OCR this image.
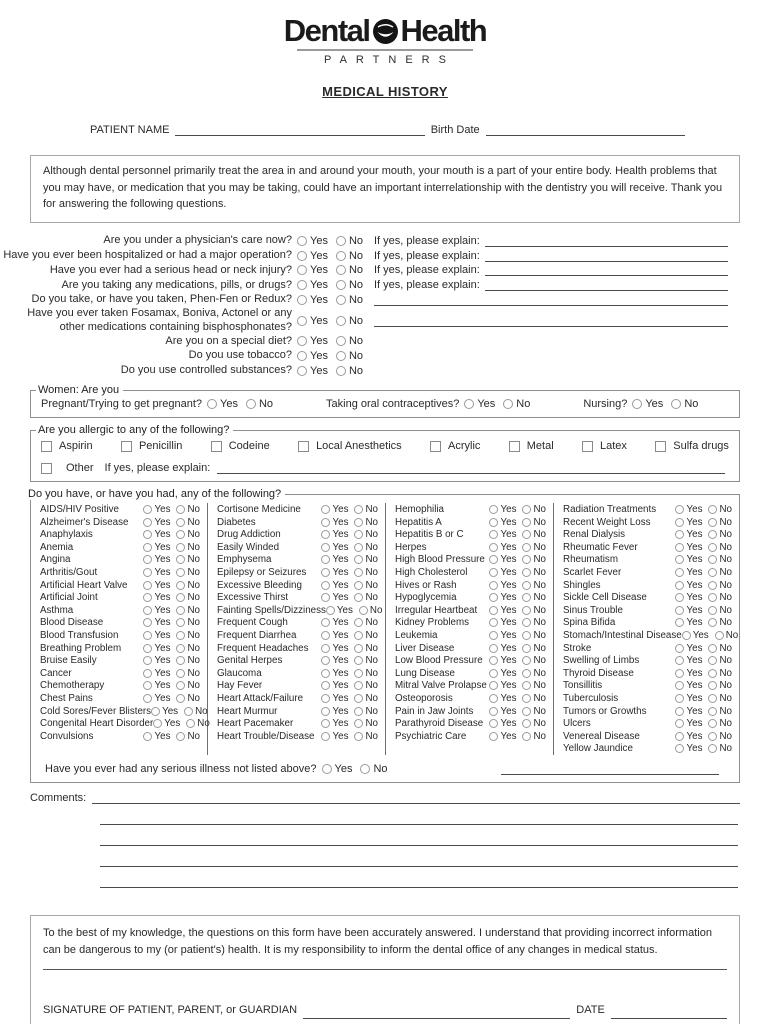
Dental Health
PARTNERS
MEDICAL HISTORY
PATIENT NAME	Birth Date
Although dental personnel primarily treat the area in and around your mouth, your mouth is a part of your entire body. Health problems that you may have, or medication that you may be taking, could have an important interrelationship with the dentistry you will receive. Thank you for answering the following questions.
Are you under a physician's care now? Yes	No If yes, please explain:
Have you ever been hospitalized or had a major operation? Yes	No If yes, please explain:
Have you ever had a serious head or neck injury? Yes	No If yes, please explain:
Are you taking any medications, pills, or drugs? Yes	No If yes, please explain:
Do you take, or have you taken, Phen-Fen or Redux? Yes	No
Have you ever taken Fosamax, Boniva, Actonel or any
other medications containing bisphosphonates? Yes	No
Are you on a special diet? Yes	No
Do you use tobacco? Yes	No
Do you use controlled substances? Yes	No
Women: Are you
Pregnant/Trying to get pregnant? Yes	No	Taking oral contraceptives? Yes	No	Nursing? Yes	No
Are you allergic to any of the following?
Aspirin	Penicillin	Codeine	Local Anesthetics	Acrylic	Metal	Latex	Sulfa drugs
Other If yes, please explain:
Do you have, or have you had, any of the following?
AIDS/HIV Positive	Yes	No
Alzheimer's Disease	Yes	No
Anaphylaxis	Yes	No
Anemia	Yes	No
Angina	Yes	No
Arthritis/Gout	Yes	No
Artificial Heart Valve	Yes	No
Artificial Joint	Yes	No
Asthma	Yes	No
Blood Disease	Yes	No
Blood Transfusion	Yes	No
Breathing Problem	Yes	No
Bruise Easily	Yes	No
Cancer	Yes	No
Chemotherapy	Yes	No
Chest Pains	Yes	No
Cold Sores/Fever Blisters Yes	No
Congenital Heart Disorder Yes	No
Convulsions	Yes	No
Cortisone Medicine	Yes	No
Diabetes	Yes	No
Drug Addiction	Yes	No
Easily Winded	Yes	No
Emphysema	Yes	No
Epilepsy or Seizures	Yes	No
Excessive Bleeding	Yes	No
Excessive Thirst	Yes	No
Fainting Spells/Dizziness Yes	No
Frequent Cough	Yes	No
Frequent Diarrhea	Yes	No
Frequent Headaches Yes	No
Genital Herpes	Yes	No
Glaucoma	Yes	No
Hay Fever	Yes	No
Heart Attack/Failure	Yes	No
Heart Murmur	Yes	No
Heart Pacemaker	Yes	No
Heart Trouble/Disease Yes	No
Hemophilia	Yes	No
Hepatitis A	Yes	No
Hepatitis B or C	Yes	No
Herpes	Yes	No
High Blood Pressure Yes	No
High Cholesterol	Yes	No
Hives or Rash	Yes	No
Hypoglycemia	Yes	No
Irregular Heartbeat Yes	No
Kidney Problems	Yes	No
Leukemia	Yes	No
Liver Disease	Yes	No
Low Blood Pressure Yes	No
Lung Disease	Yes	No
Mitral Valve Prolapse Yes	No
Osteoporosis	Yes	No
Pain in Jaw Joints	Yes	No
Parathyroid Disease Yes	No
Psychiatric Care	Yes	No
Radiation Treatments	Yes	No
Recent Weight Loss	Yes	No
Renal Dialysis	Yes	No
Rheumatic Fever	Yes	No
Rheumatism	Yes	No
Scarlet Fever	Yes	No
Shingles	Yes	No
Sickle Cell Disease	Yes	No
Sinus Trouble	Yes	No
Spina Bifida	Yes	No
Stomach/Intestinal Disease Yes	No
Stroke	Yes	No
Swelling of Limbs	Yes	No
Thyroid Disease	Yes	No
Tonsillitis	Yes	No
Tuberculosis	Yes	No
Tumors or Growths	Yes	No
Ulcers	Yes	No
Venereal Disease	Yes	No
Yellow Jaundice	Yes	No
Have you ever had any serious illness not listed above? Yes	No
Comments:
To the best of my knowledge, the questions on this form have been accurately answered. I understand that providing incorrect information can be dangerous to my (or patient's) health. It is my responsibility to inform the dental office of any changes in medical status.
SIGNATURE OF PATIENT, PARENT, or GUARDIAN	DATE
